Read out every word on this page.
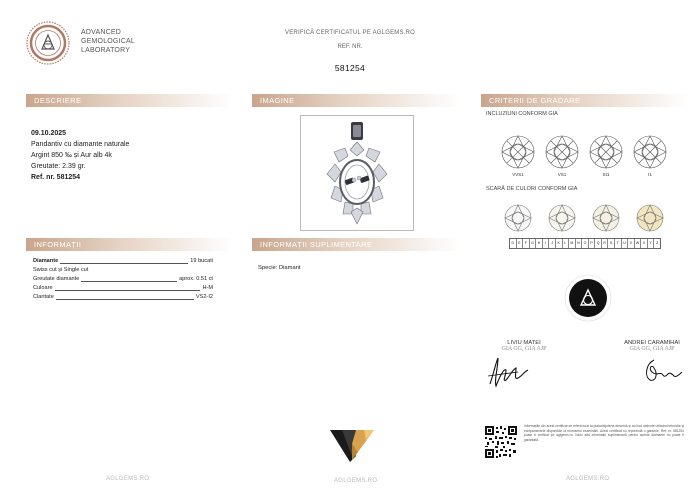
ADVANCED
GEMOLOGICAL
LABORATORY
VERIFICĂ CERTIFICATUL PE AGLGEMS.RO
REF. NR.
581254
DESCRIERE
09.10.2025
Pandantiv cu diamante naturale
Argint 850 ‰ și Aur alb 4k
Greutate: 2.39 gr.
Ref. nr. 581254
IMAGINE	CRITERII DE GRADARE
INCLUZIUNI CONFORM GIA
VVS1	VS1	SI1	I1
SCARĂ DE CULORI CONFORM GIA
D	E	F	G	H	I	J	K	L	M	N	O	P	Q	R	S	T	U	V	W	X	Y	Z
INFORMAȚII
Diamante	19 bucati
Swiss cut și Single cut
Greutate diamante	aprox. 0.51 ct
Culoare	H-M
Claritate	VS2-I2
INFORMAȚII SUPLIMENTARE
Specie: Diamant
LIVIU MATEI
GIA GG, GIA AJP
ANDREI CARAMIHAI
GIA GG, GIA AJP
Informațiile din acest certificat se referă doar la piatra/bijuteria descrisă și au fost obținute utilizând tehnicile și echipamentele disponibile la momentul examinării. Acest certificat nu reprezintă o garanție. Ref. nr. 581254 poate fi verificat pe aglgems.ro. Nicio altă informație suplimentară pentru aceste diamante nu poate fi garantată.
AGLGEMS.RO	AGLGEMS.RO	AGLGEMS.RO
